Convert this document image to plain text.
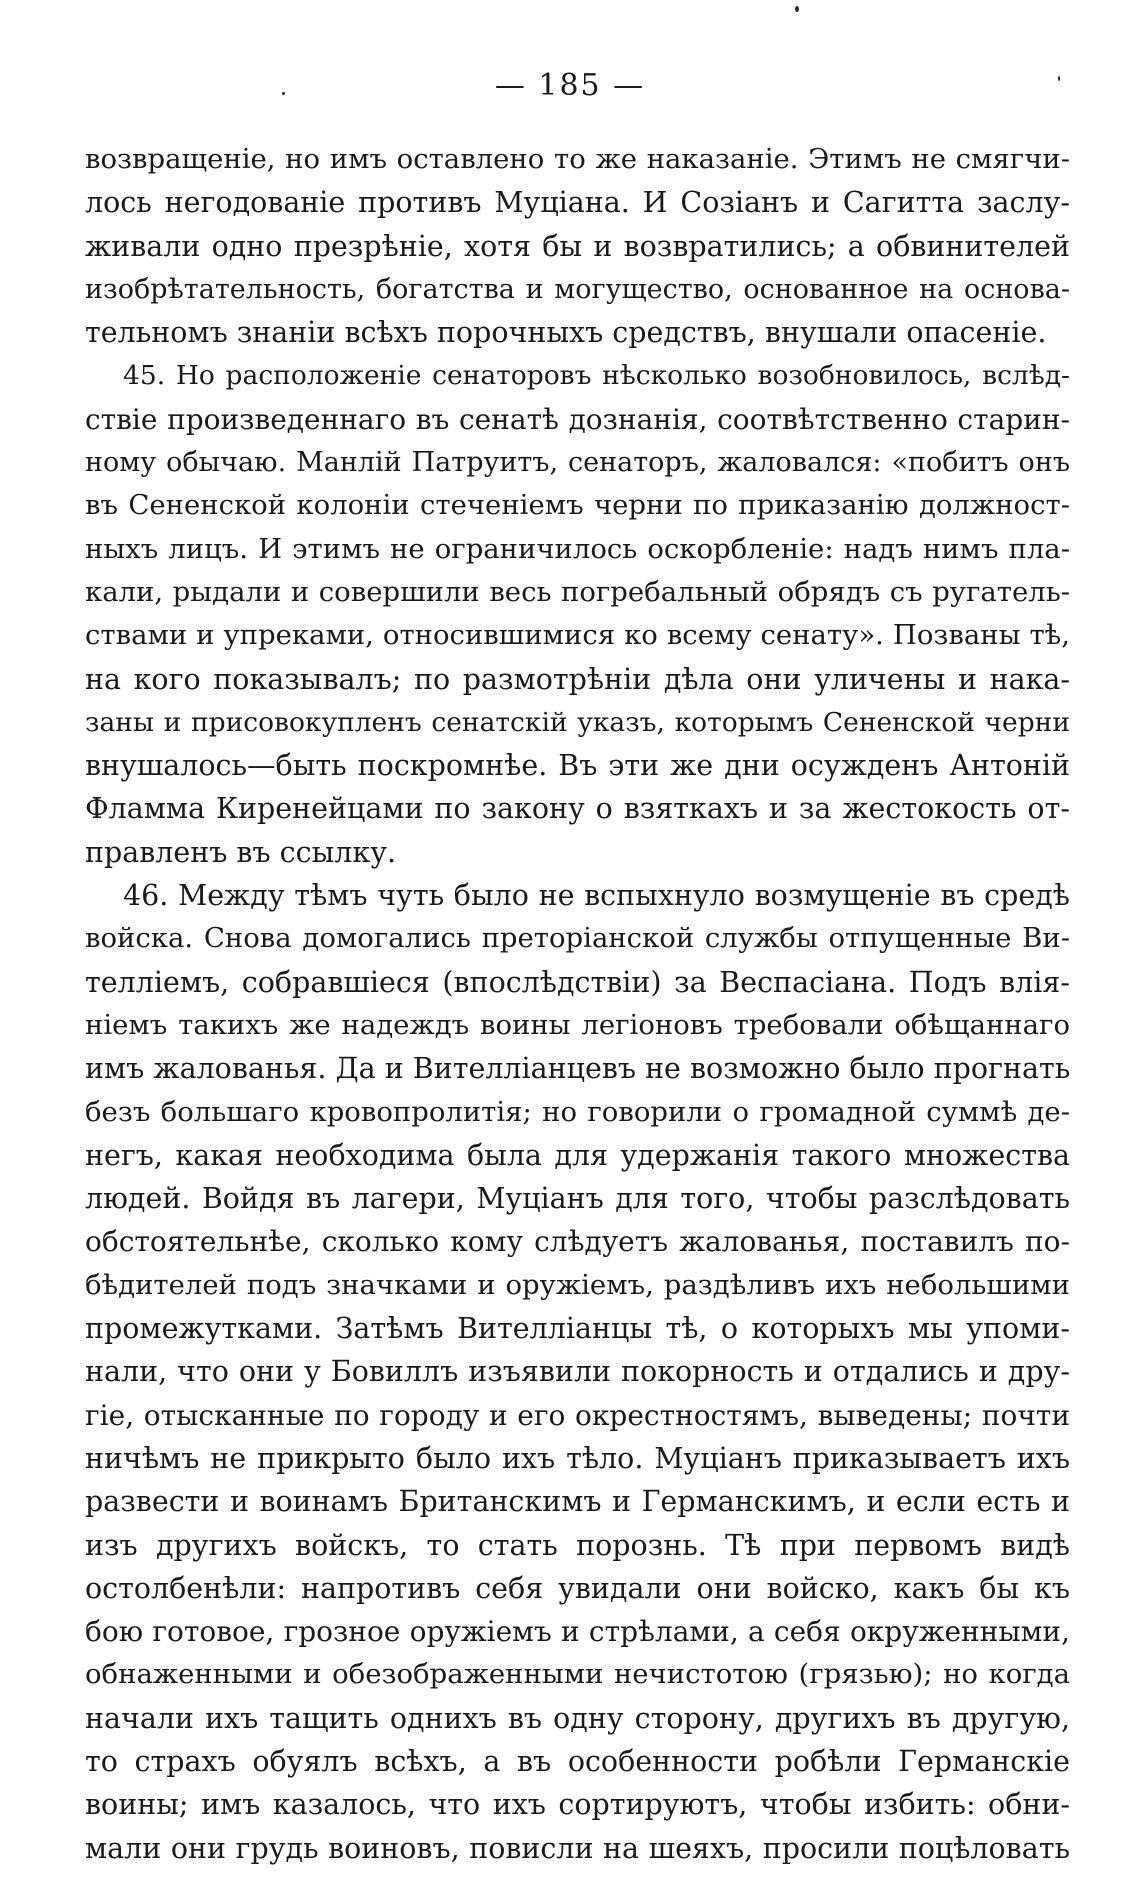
— 185 —
возвращеніе, но имъ оставлено то же наказаніе. Этимъ не смягчи-
лось негодованіе противъ Муціана. И Созіанъ и Сагитта заслу-
живали одно презрѣніе, хотя бы и возвратились; а обвинителей
изобрѣтательность, богатства и могущество, основанное на основа-
тельномъ знаніи всѣхъ порочныхъ средствъ, внушали опасеніе.
45. Но расположеніе сенаторовъ нѣсколько возобновилось, вслѣд-
ствіе произведеннаго въ сенатѣ дознанія, соотвѣтственно старин-
ному обычаю. Манлій Патруитъ, сенаторъ, жаловался: «побитъ онъ
въ Сененской колоніи стеченіемъ черни по приказанію должност-
ныхъ лицъ. И этимъ не ограничилось оскорбленіе: надъ нимъ пла-
кали, рыдали и совершили весь погребальный обрядъ съ ругатель-
ствами и упреками, относившимися ко всему сенату». Позваны тѣ,
на кого показывалъ; по размотрѣніи дѣла они уличены и нака-
заны и присовокупленъ сенатскій указъ, которымъ Сененской черни
внушалось—быть поскромнѣе. Въ эти же дни осужденъ Антоній
Фламма Киренейцами по закону о взяткахъ и за жестокость от-
правленъ въ ссылку.
46. Между тѣмъ чуть было не вспыхнуло возмущеніе въ средѣ
войска. Снова домогались преторіанской службы отпущенные Ви-
телліемъ, собравшіеся (впослѣдствіи) за Веспасіана. Подъ влія-
ніемъ такихъ же надеждъ воины легіоновъ требовали обѣщаннаго
имъ жалованья. Да и Вителліанцевъ не возможно было прогнать
безъ большаго кровопролитія; но говорили о громадной суммѣ де-
негъ, какая необходима была для удержанія такого множества
людей. Войдя въ лагери, Муціанъ для того, чтобы разслѣдовать
обстоятельнѣе, сколько кому слѣдуетъ жалованья, поставилъ по-
бѣдителей подъ значками и оружіемъ, раздѣливъ ихъ небольшими
промежутками. Затѣмъ Вителліанцы тѣ, о которыхъ мы упоми-
нали, что они у Бовиллъ изъявили покорность и отдались и дру-
гіе, отысканные по городу и его окрестностямъ, выведены; почти
ничѣмъ не прикрыто было ихъ тѣло. Муціанъ приказываетъ ихъ
развести и воинамъ Британскимъ и Германскимъ, и если есть и
изъ другихъ войскъ, то стать порознь. Тѣ при первомъ видѣ
остолбенѣли: напротивъ себя увидали они войско, какъ бы къ
бою готовое, грозное оружіемъ и стрѣлами, а себя окруженными,
обнаженными и обезображенными нечистотою (грязью); но когда
начали ихъ тащить однихъ въ одну сторону, другихъ въ другую,
то страхъ обуялъ всѣхъ, а въ особенности робѣли Германскіе
воины; имъ казалось, что ихъ сортируютъ, чтобы избить: обни-
мали они грудь воиновъ, повисли на шеяхъ, просили поцѣловать
